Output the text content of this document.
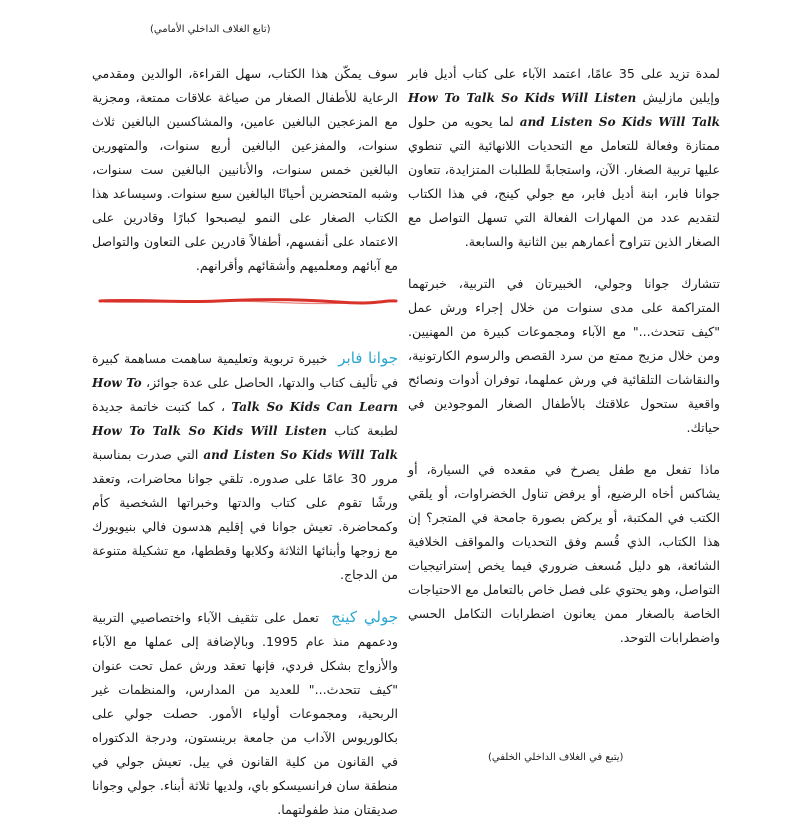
(تابع الغلاف الداخلي الأمامي)

لمدة تزيد على 35 عامًا، اعتمد الآباء على كتاب أديل فابر وإيلين مازليش How To Talk So Kids Will Listen and Listen So Kids Will Talk لما يحويه من حلول ممتازة وفعالة للتعامل مع التحديات اللانهائية التي تنطوي عليها تربية الصغار. الآن، واستجابةً للطلبات المتزايدة، تتعاون جوانا فابر، ابنة أديل فابر، مع جولي كينج، في هذا الكتاب لتقديم عدد من المهارات الفعالة التي تسهل التواصل مع الصغار الذين تتراوح أعمارهم بين الثانية والسابعة.

تتشارك جوانا وجولي، الخبيرتان في التربية، خبرتهما المتراكمة على مدى سنوات من خلال إجراء ورش عمل "كيف تتحدث..." مع الآباء ومجموعات كبيرة من المهنيين. ومن خلال مزيج ممتع من سرد القصص والرسوم الكارتونية، والنقاشات التلقائية في ورش عملهما، توفران أدوات ونصائح واقعية ستحول علاقتك بالأطفال الصغار الموجودين في حياتك.

ماذا تفعل مع طفل يصرخ في مقعده في السيارة، أو يشاكس أخاه الرضيع، أو يرفض تناول الخضراوات، أو يلقي الكتب في المكتبة، أو يركض بصورة جامحة في المتجر؟ إن هذا الكتاب، الذي قُسم وفق التحديات والمواقف الخلافية الشائعة، هو دليل مُسعف ضروري فيما يخص إستراتيجيات التواصل، وهو يحتوي على فصل خاص بالتعامل مع الاحتياجات الخاصة بالصغار ممن يعانون اضطرابات التكامل الحسي واضطرابات التوحد.

سوف يمكّن هذا الكتاب، سهل القراءة، الوالدين ومقدمي الرعاية للأطفال الصغار من صياغة علاقات ممتعة، ومجزية مع المزعجين البالغين عامين، والمشاكسين البالغين ثلاث سنوات، والمفزعين البالغين أربع سنوات، والمتهورين البالغين خمس سنوات، والأنانيين البالغين ست سنوات، وشبه المتحضرين أحيانًا البالغين سبع سنوات. وسيساعد هذا الكتاب الصغار على النمو ليصبحوا كبارًا وقادرين على الاعتماد على أنفسهم، أطفالاً قادرين على التعاون والتواصل مع آبائهم ومعلميهم وأشقائهم وأقرانهم.

جوانا فابر خبيرة تربوية وتعليمية ساهمت مساهمة كبيرة في تأليف كتاب والدتها، الحاصل على عدة جوائز، How To Talk So Kids Can Learn ، كما كتبت خاتمة جديدة لطبعة كتاب How To Talk So Kids Will Listen and Listen So Kids Will Talk التي صدرت بمناسبة مرور 30 عامًا على صدوره. تلقي جوانا محاضرات، وتعقد ورشًا تقوم على كتاب والدتها وخبراتها الشخصية كأم وكمحاضرة. تعيش جوانا في إقليم هدسون فالي بنيويورك مع زوجها وأبنائها الثلاثة وكلابها وقططها، مع تشكيلة متنوعة من الدجاج.

جولي كينج تعمل على تثقيف الآباء واختصاصيي التربية ودعمهم منذ عام 1995. وبالإضافة إلى عملها مع الآباء والأزواج بشكل فردي، فإنها تعقد ورش عمل تحت عنوان "كيف تتحدث..." للعديد من المدارس، والمنظمات غير الربحية، ومجموعات أولياء الأمور. حصلت جولي على بكالوريوس الآداب من جامعة برينستون، ودرجة الدكتوراه في القانون من كلية القانون في ييل. تعيش جولي في منطقة سان فرانسيسكو باي، ولديها ثلاثة أبناء. جولي وجوانا صديقتان منذ طفولتهما.

(يتبع في الغلاف الداخلي الخلفي)
